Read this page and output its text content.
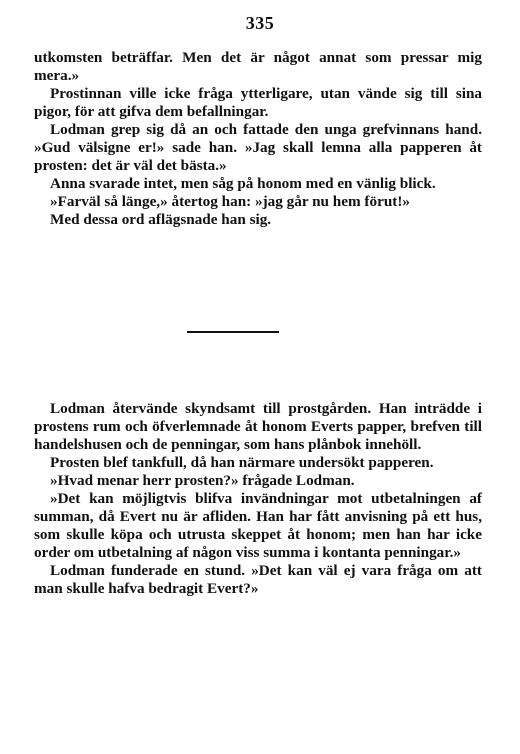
335

utkomsten beträffar. Men det är något annat som pressar mig mera.»

Prostinnan ville icke fråga ytterligare, utan vände sig till sina pigor, för att gifva dem befallningar.

Lodman grep sig då an och fattade den unga grefvinnans hand. »Gud välsigne er!» sade han. »Jag skall lemna alla papperen åt prosten: det är väl det bästa.»

Anna svarade intet, men såg på honom med en vänlig blick.

»Farväl så länge,» återtog han: »jag går nu hem förut!»

Med dessa ord aflägsnade han sig.

Lodman återvände skyndsamt till prostgården. Han inträdde i prostens rum och öfverlemnade åt honom Everts papper, brefven till handelshusen och de penningar, som hans plånbok innehöll.

Prosten blef tankfull, då han närmare undersökt papperen.

»Hvad menar herr prosten?» frågade Lodman.

»Det kan möjligtvis blifva invändningar mot utbetalningen af summan, då Evert nu är afliden. Han har fått anvisning på ett hus, som skulle köpa och utrusta skeppet åt honom; men han har icke order om utbetalning af någon viss summa i kontanta penningar.»

Lodman funderade en stund. »Det kan väl ej vara fråga om att man skulle hafva bedragit Evert?»
